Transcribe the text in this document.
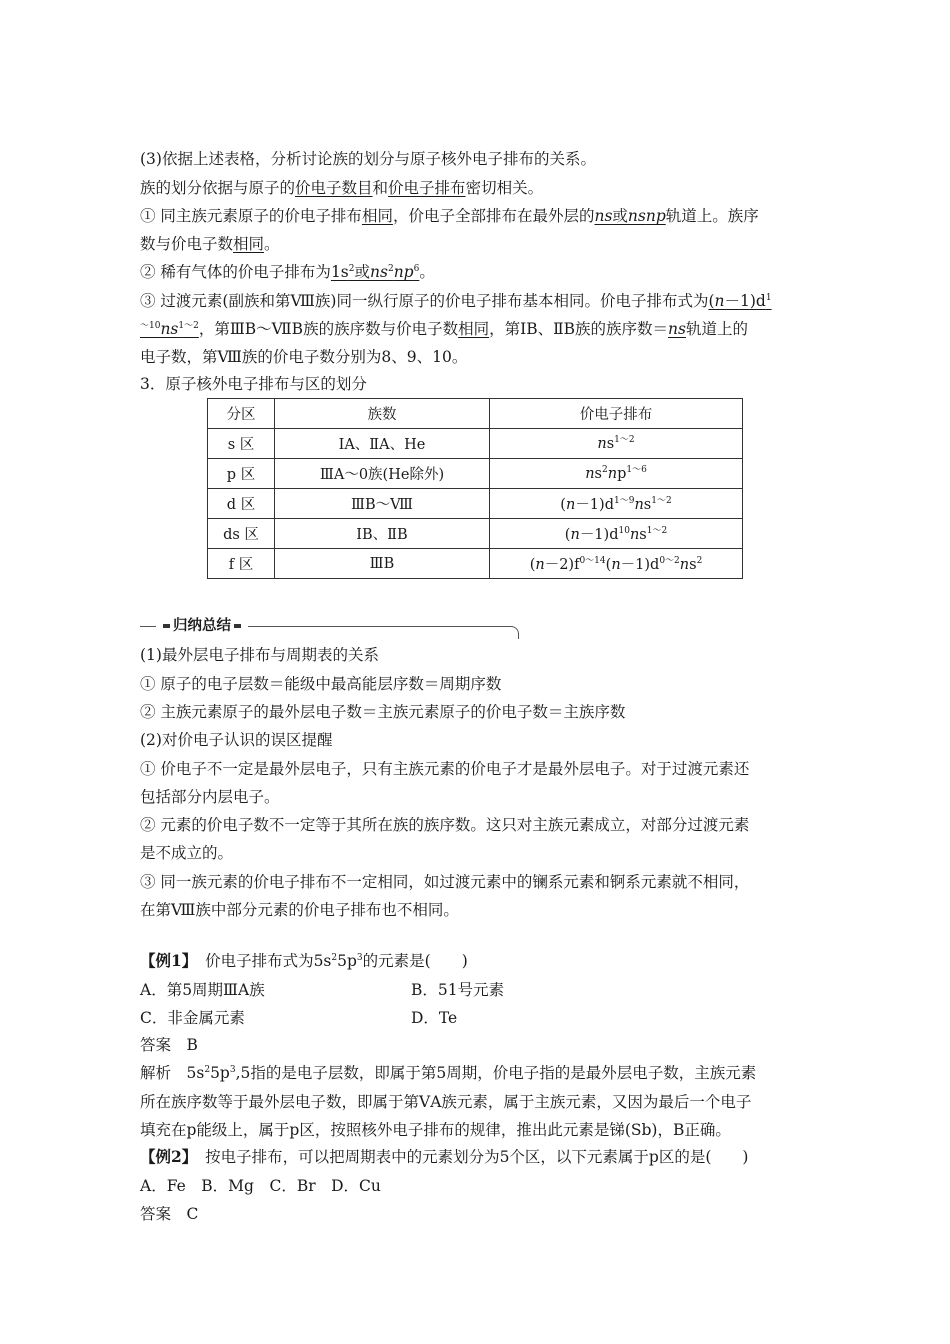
(3)依据上述表格，分析讨论族的划分与原子核外电子排布的关系。
族的划分依据与原子的价电子数目和价电子排布密切相关。
① 同主族元素原子的价电子排布相同，价电子全部排布在最外层的ns或nsnp轨道上。族序
数与价电子数相同。
② 稀有气体的价电子排布为$1s^2$或$ns^2np^6$。
③ 过渡元素(副族和第Ⅷ族)同一纵行原子的价电子排布基本相同。价电子排布式为$(n-1)d^1$
$^{\sim 10}ns^{1\sim 2}$，第ⅢB～ⅦB族的族序数与价电子数相同，第ⅠB、ⅡB族的族序数＝ns轨道上的
电子数，第Ⅷ族的价电子数分别为8、9、10。
3．原子核外电子排布与区的划分
分区	族数	价电子排布
s 区	ⅠA、ⅡA、He	$ns^{1\sim 2}$
p 区	ⅢA～0族(He除外)	$ns^2np^{1\sim 6}$
d 区	ⅢB～Ⅷ	$(n-1)d^{1\sim 9}ns^{1\sim 2}$
ds 区	ⅠB、ⅡB	$(n-1)d^{10}ns^{1\sim 2}$
f 区	ⅢB	$(n-2)f^{0\sim 14}(n-1)d^{0\sim 2}ns^2$
归纳总结
(1)最外层电子排布与周期表的关系
① 原子的电子层数＝能级中最高能层序数＝周期序数
② 主族元素原子的最外层电子数＝主族元素原子的价电子数＝主族序数
(2)对价电子认识的误区提醒
① 价电子不一定是最外层电子，只有主族元素的价电子才是最外层电子。对于过渡元素还
包括部分内层电子。
② 元素的价电子数不一定等于其所在族的族序数。这只对主族元素成立，对部分过渡元素
是不成立的。
③ 同一族元素的价电子排布不一定相同，如过渡元素中的镧系元素和锕系元素就不相同，
在第Ⅷ族中部分元素的价电子排布也不相同。
【例1】　 价电子排布式为$5s^25p^3$的元素是(　　)
A．第5周期ⅢA族	B．51号元素
C．非金属元素	D．Te
答案　B
解析　$5s^25p^3,5$指的是电子层数，即属于第5周期，价电子指的是最外层电子数，主族元素
所在族序数等于最外层电子数，即属于第ⅤA族元素，属于主族元素，又因为最后一个电子
填充在p能级上，属于p区，按照核外电子排布的规律，推出此元素是锑(Sb)，B正确。
【例2】　 按电子排布，可以把周期表中的元素划分为5个区，以下元素属于p区的是(　　)
A．Fe　B．Mg　C．Br　D．Cu
答案　C
